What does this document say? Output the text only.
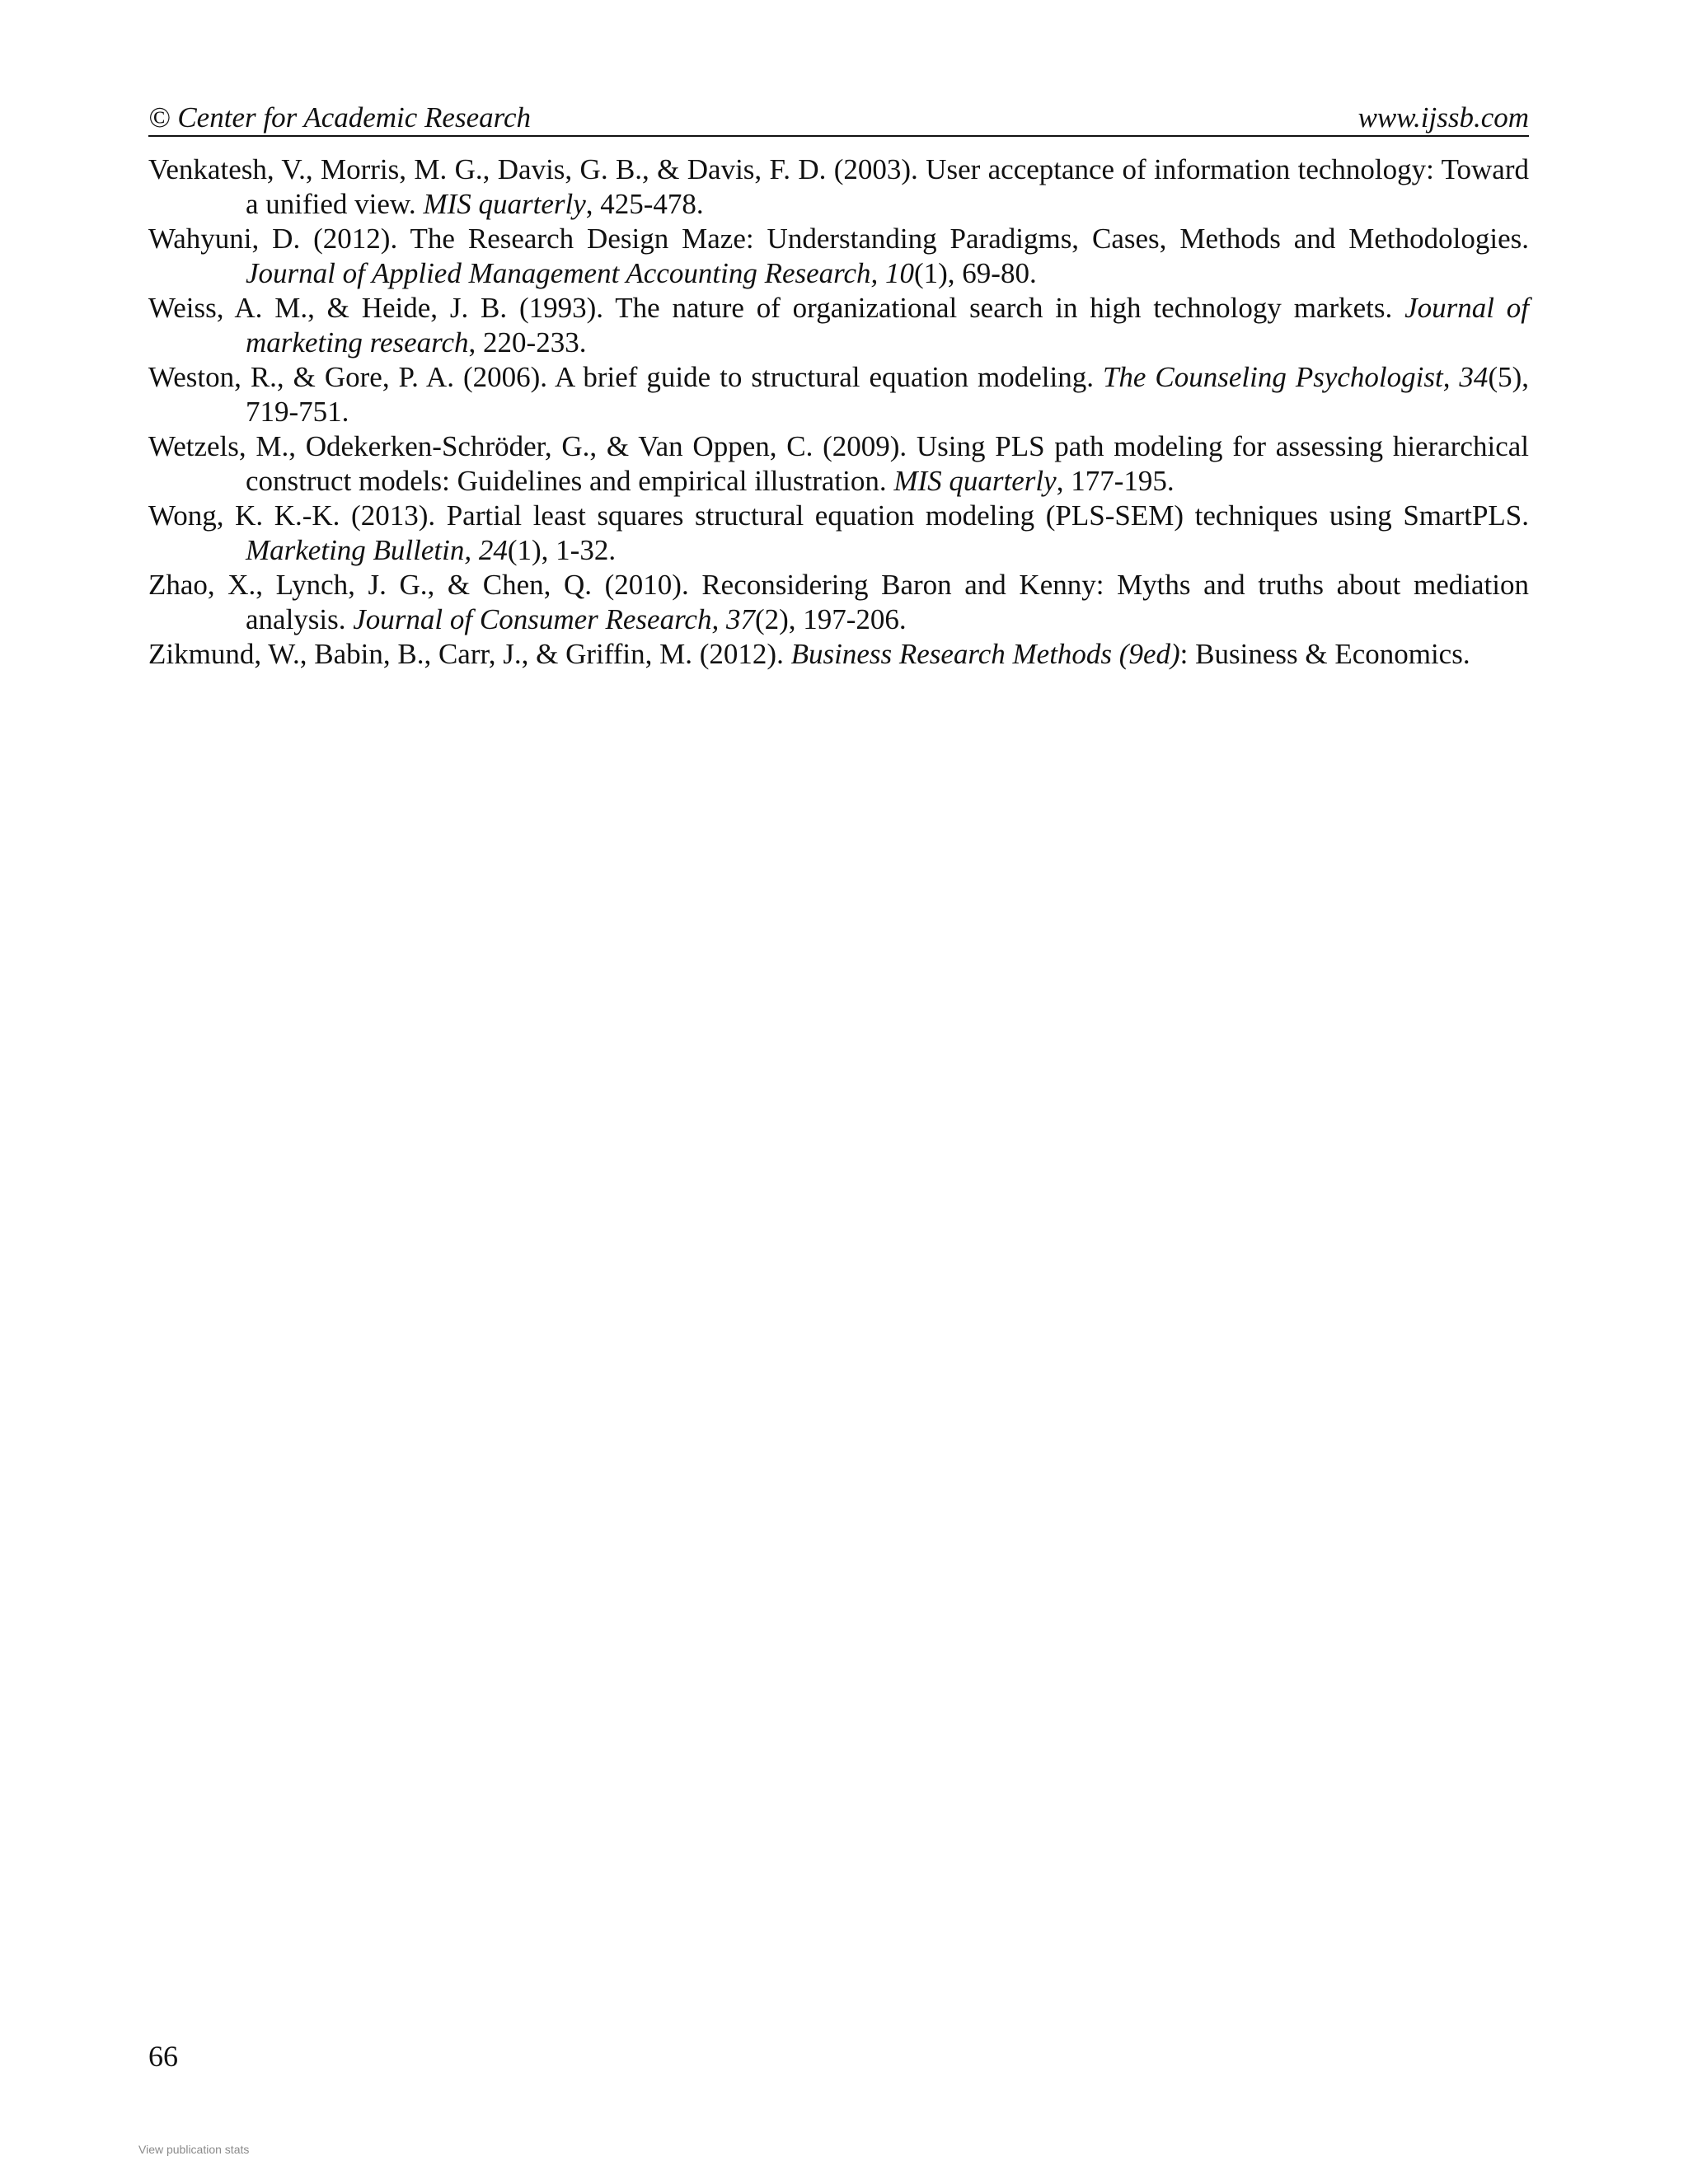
© Center for Academic Research	www.ijssb.com

Venkatesh, V., Morris, M. G., Davis, G. B., & Davis, F. D. (2003). User acceptance of information technology: Toward a unified view. MIS quarterly, 425-478.

Wahyuni, D. (2012). The Research Design Maze: Understanding Paradigms, Cases, Methods and Methodologies. Journal of Applied Management Accounting Research, 10(1), 69-80.

Weiss, A. M., & Heide, J. B. (1993). The nature of organizational search in high technology markets. Journal of marketing research, 220-233.

Weston, R., & Gore, P. A. (2006). A brief guide to structural equation modeling. The Counseling Psychologist, 34(5), 719-751.

Wetzels, M., Odekerken-Schröder, G., & Van Oppen, C. (2009). Using PLS path modeling for assessing hierarchical construct models: Guidelines and empirical illustration. MIS quarterly, 177-195.

Wong, K. K.-K. (2013). Partial least squares structural equation modeling (PLS-SEM) techniques using SmartPLS. Marketing Bulletin, 24(1), 1-32.

Zhao, X., Lynch, J. G., & Chen, Q. (2010). Reconsidering Baron and Kenny: Myths and truths about mediation analysis. Journal of Consumer Research, 37(2), 197-206.

Zikmund, W., Babin, B., Carr, J., & Griffin, M. (2012). Business Research Methods (9ed): Business & Economics.

66
View publication stats
